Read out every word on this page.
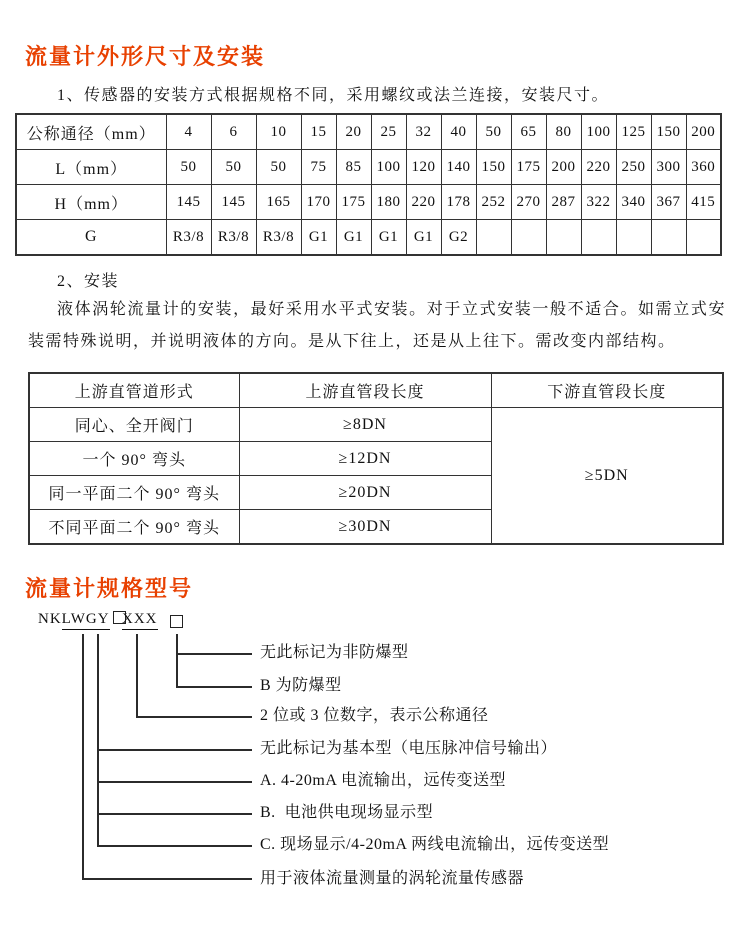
流量计外形尺寸及安装
1、传感器的安装方式根据规格不同，采用螺纹或法兰连接，安装尺寸。
公称通径（mm）	4	6	10	15	20	25	32	40	50	65	80	100	125	150	200
L（mm）	50	50	50	75	85	100	120	140	150	175	200	220	250	300	360
H（mm）	145	145	165	170	175	180	220	178	252	270	287	322	340	367	415
G	R3/8	R3/8	R3/8	G1	G1	G1	G1	G2							
2、安装
液体涡轮流量计的安装，最好采用水平式安装。对于立式安装一般不适合。如需立式安装需特殊说明，并说明液体的方向。是从下往上，还是从上往下。需改变内部结构。
上游直管道形式	上游直管段长度	下游直管段长度
同心、全开阀门	≥8DN	≥5DN
一个 90° 弯头	≥12DN	
同一平面二个 90° 弯头	≥20DN	
不同平面二个 90° 弯头	≥30DN	
流量计规格型号
NKLWGY XXX
无此标记为非防爆型
B 为防爆型
2 位或 3 位数字，表示公称通径
无此标记为基本型（电压脉冲信号输出）
A. 4-20mA 电流输出，远传变送型
B.  电池供电现场显示型
C. 现场显示/4-20mA 两线电流输出，远传变送型
用于液体流量测量的涡轮流量传感器
